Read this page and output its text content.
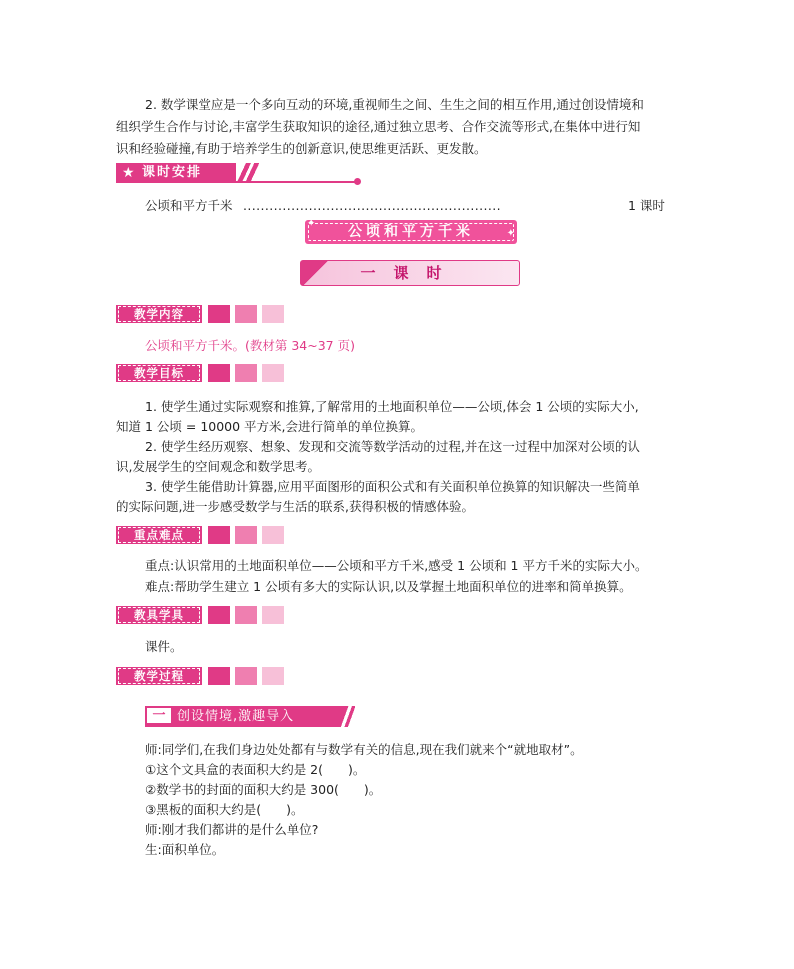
2. 数学课堂应是一个多向互动的环境,重视师生之间、生生之间的相互作用,通过创设情境和
组织学生合作与讨论,丰富学生获取知识的途径,通过独立思考、合作交流等形式,在集体中进行知
识和经验碰撞,有助于培养学生的创新意识,使思维更活跃、更发散。
★ 课时安排
公顷和平方千米 ...........................................................	1 课时
公顷和平方千米
✦
✦
一课时
教学内容
公顷和平方千米。(教材第 34~37 页)
教学目标
1. 使学生通过实际观察和推算,了解常用的土地面积单位——公顷,体会 1 公顷的实际大小,
知道 1 公顷 = 10000 平方米,会进行简单的单位换算。
2. 使学生经历观察、想象、发现和交流等数学活动的过程,并在这一过程中加深对公顷的认
识,发展学生的空间观念和数学思考。
3. 使学生能借助计算器,应用平面图形的面积公式和有关面积单位换算的知识解决一些简单
的实际问题,进一步感受数学与生活的联系,获得积极的情感体验。
重点难点
重点:认识常用的土地面积单位——公顷和平方千米,感受 1 公顷和 1 平方千米的实际大小。
难点:帮助学生建立 1 公顷有多大的实际认识,以及掌握土地面积单位的进率和简单换算。
教具学具
课件。
教学过程
一 创设情境,激趣导入
师:同学们,在我们身边处处都有与数学有关的信息,现在我们就来个“就地取材”。
①这个文具盒的表面积大约是 2(　　)。
②数学书的封面的面积大约是 300(　　)。
③黑板的面积大约是(　　)。
师:刚才我们都讲的是什么单位?
生:面积单位。
